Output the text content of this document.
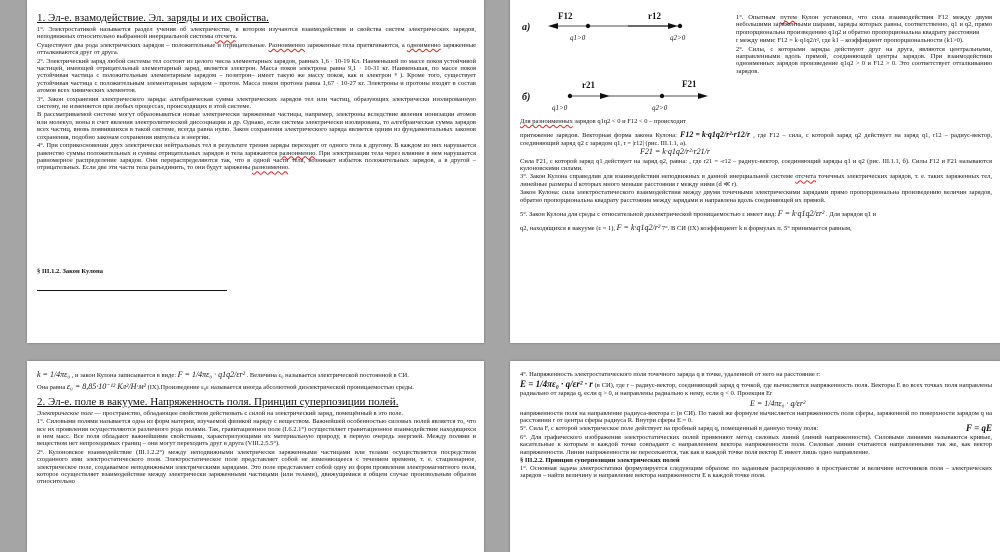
1. Эл-е. взамодействие. Эл. заряды и их свойства.

1°. Электростатикой называется раздел учения об электричестве, в котором изучаются взаимодействия и свойства систем электрических зарядов, неподвижных относительно выбранной инерциальной системы отсчета.

Существуют два рода электрических зарядов – положительные и отрицательные. Разноименно заряженные тела притягиваются, а одноименно заряженные отталкиваются друг от друга.

2°. Электрический заряд любой системы тел состоит из целого числа элементарных зарядов, равных 1,6 · 10-19 Кл. Наименьшей по массе покоя устойчивой частицей, имеющей отрицательный элементарный заряд, является электрон. Масса покоя электрона равна 9,1 · 10-31 кг. Наименьшая, по массе покоя устойчивая частица с положительным элементарным зарядом – позитрон– имеет такую же массу покоя, как и электрон ⁸ ). Кроме того, существует устойчивая частица с положительным элементарным зарядом – протон. Масса покоя протона равна 1,67 · 10-27 кг. Электроны и протоны входят в состав атомов всех химических элементов.

3°. Закон сохранения электрического заряда: алгебраическая сумма электрических зарядов тел или частиц, образующих электрически изолированную систему, не изменяется при любых процессах, происходящих в этой системе.

В рассматриваемой системе могут образовываться новые электрически заряженные частицы, например, электроны вследствие явления ионизации атомов или молекул, ионы в счет явления электролитической диссоциации и др. Однако, если система электрически изолирована, то алгебраическая сумма зарядов всех частиц, вновь появившихся в такой системе, всегда равна нулю. Закон сохранения электрического заряда является одним из фундаментальных законов сохранения, подобно законам сохранения импульса и энергии.

4°. При соприкосновении двух электрически нейтральных тел в результате трения заряды переходят от одного тела к другому. В каждом из них нарушается равенство суммы положительных и суммы отрицательных зарядов и тела заряжаются разноименно. При электризации тела через влияние в нем нарушается равномерное распределение зарядов. Они перераспределяются так, что в одной части тела, возникает избыток положительных зарядов, а в другой – отрицательных. Если две эти части тела разъединить, то они будут заряжены разноименно.

§ III.1.2. Закон Кулона
а)
F12	r12
q1>0	q2>0
б)
r21	F21
q1>0	q2>0

1°. Опытным путем Кулон установил, что сила взаимодействия F12 между двумя небольшими заряженными шарами, заряды которых равны, соответственно, q1 и q2, прямо пропорциональна произведению q1q2 и обратно пропорциональна квадрату расстояния

r между ними: F12 = k·q1q2/r², где k1 – коэффициент пропорциональности (k1>0).

2°. Силы, с которыми заряды действуют друг на друга, являются центральными, направленными вдоль прямой, соединяющей центры зарядов. При взаимодействии одноименных зарядов произведение q1q2 > 0 и F12 > 0. Это соответствует отталкиванию зарядов.

Для разноименных зарядов q1q2 < 0 и F12 < 0 – происходит

притяжение зарядов. Векторная форма закона Кулона: F12 = k·q1q2/r²·r12/r , где F12 – сила, с которой заряд q2 действует на заряд q1, r12 – радиус-вектор, соединяющий заряд q2 с зарядом q1, r = |r12| (рис. III.1.1, а).

F21 = k·q1q2/r²·r21/r

Сила F21, с которой заряд q1 действует на заряд q2, равна: , где r21 = -r12 – радиус-вектор, соединяющий заряды q1 и q2 (рис. III.1.1, б). Силы F12 и F21 называются кулоновскими силами.

3°. Закон Кулона справедлив для взаимодействия неподвижных в данной инерциальной системе отсчета точечных электрических зарядов, т. е. таких заряженных тел, линейные размеры d которых много меньше расстояния r между ними (d ≪ r).

Закон Кулона: сила электростатического взаимодействия между двумя точечными электрическими зарядами прямо пропорциональна произведению величин зарядов, обратно пропорциональна квадрату расстояния между зарядами и направлена вдоль соединяющей их прямой.

5°. Закон Кулона для среды с относительной диэлектрической проницаемостью ε имеет вид: F = k·q1q2/εr² . Для зарядов q1 и

q2, находящихся в вакууме (ε = 1), F = k·q1q2/r² 7°. В СИ (IX) коэффициент k в формулах п. 5° принимается равным,

k = 1/4πε₀ , и закон Кулона записывается в виде: F = 1/4πε₀ · q1q2/εr² . Величина ε₀ называется электрической постоянной в СИ.

Она равна ε₀ = 8,85·10⁻¹² Кл²/Н·м² (IX).Произведение ε₀ε называется иногда абсолютной диэлектрической проницаемостью среды.

2. Эл-е. поле в вакууме. Напряженность поля. Принцип суперпозиции полей.

Электрическое поле — пространство, обладающее свойством действовать с силой на электрический заряд, помещённый в это поле.

1°. Силовыми полями называется одна из форм материи, изучаемой физикой наряду с веществом. Важнейшей особенностью силовых полей является то, что все их проявления осуществляются различного рода полями. Так, гравитационное поле (I.6.2.1°) осуществляет гравитационное взаимодействие находящихся в нем масс. Все поля обладают важнейшими свойствами, характеризующими их материальную природу, в первую очередь энергией. Между полями и веществом нет непроходимых границ – они могут переходить друг в друга (VIII.2.5.5°).

2°. Кулоновское взаимодействие (III.1.2.2°) между неподвижными электрически заряженными частицами или телами осуществляется посредством созданного ими электростатического поля. Электростатическое поле представляет собой не изменяющееся с течением времени, т. е. стационарное, электрическое поле, создаваемое неподвижными электрическими зарядами. Это поле представляет собой одну из форм проявления электромагнитного поля, которое осуществляет взаимодействие между электрически заряженными частицами (или телами), движущимися в общем случае произвольным образом относительно

4°. Напряженность электростатического поля точечного заряда q в точке, удаленной от него на расстояние r:

E = 1/4πε₀ · q/εr² · r (в СИ), где r – радиус-вектор, соединяющий заряд q точкой, где вычисляется напряженность поля. Векторы E во всех точках поля направлены радиально от заряда q, если q > 0, и направлены радиально к нему, если q < 0. Проекция Er

E = 1/4πε₀ · q/εr²

напряженности поля на направление радиуса-вектора r: (в СИ). По такой же формуле вычисляется напряженность поля сферы, заряженной по поверхности зарядом q на расстоянии r от центра сферы радиуса R. Внутри сферы E = 0.

F = qE
5°. Сила F, с которой электрическое поле действует на пробный заряд q, помещенный в данную точку поля:

6°. Для графического изображения электростатических полей применяют метод силовых линий (линий напряженности). Силовыми линиями называются кривые, касательные к которым в каждой точке совпадают с направлением вектора напряженности поля. Силовые линии считаются направленными так же, как вектор напряженности. Линии напряженности не пересекаются, так как в каждой точке поля вектор E имеет лишь одно направление.

§ III.2.2. Принцип суперпозиции электрических полей

1°. Основная задача электростатики формулируется следующим образом: по заданным распределению в пространстве и величине источников поля – электрических зарядов – найти величину и направление вектора напряженности E в каждой точке поля.
